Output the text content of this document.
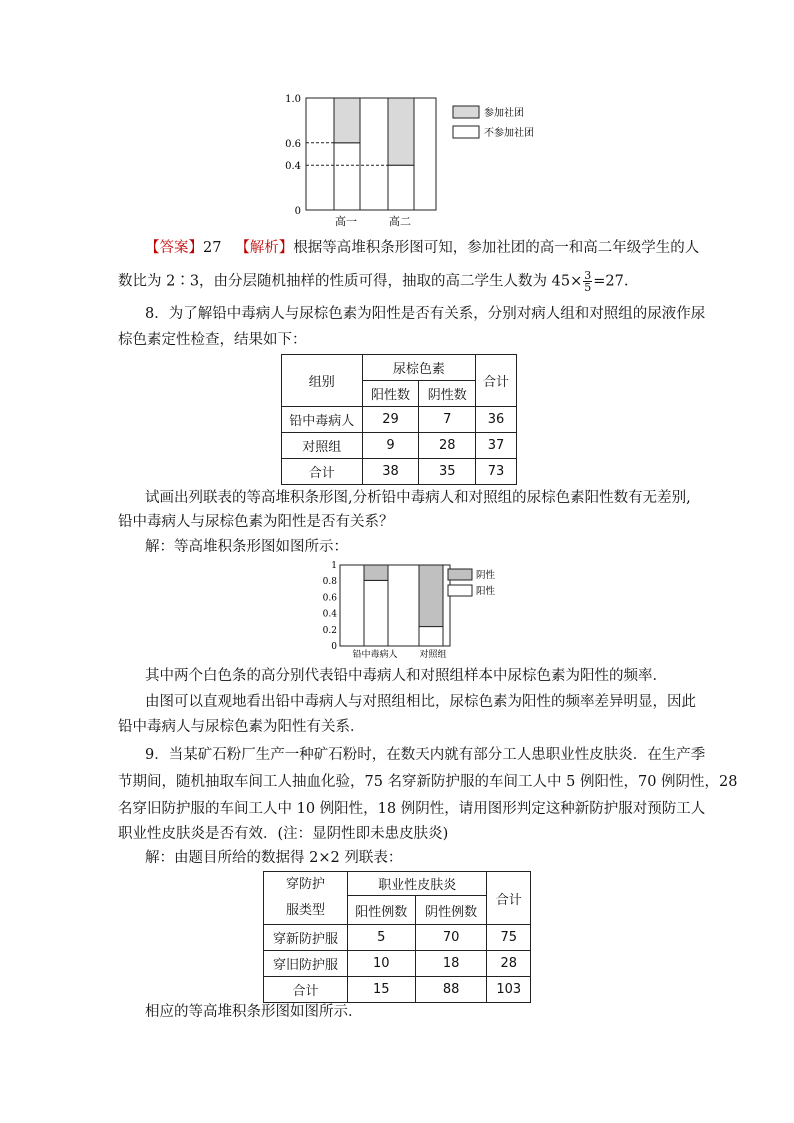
0
0.4
0.6
1.0
高一	高二
参加社团
不参加社团
【答案】27 【解析】根据等高堆积条形图可知，参加社团的高一和高二年级学生的人
数比为 2∶3，由分层随机抽样的性质可得，抽取的高二学生人数为 $45\times \frac{3}{5} =27$.
8．为了解铅中毒病人与尿棕色素为阳性是否有关系，分别对病人组和对照组的尿液作尿
棕色素定性检查，结果如下：
组别	尿棕色素		合计
	阳性数	阴性数	
铅中毒病人	29	7	36
对照组	9	28	37
合计	38	35	73
试画出列联表的等高堆积条形图,分析铅中毒病人和对照组的尿棕色素阳性数有无差别,
铅中毒病人与尿棕色素为阳性是否有关系？
解：等高堆积条形图如图所示：
0
0.2
0.4
0.6
0.8
1
铅中毒病人 对照组
阴性
阳性
其中两个白色条的高分别代表铅中毒病人和对照组样本中尿棕色素为阳性的频率．
由图可以直观地看出铅中毒病人与对照组相比，尿棕色素为阳性的频率差异明显，因此
铅中毒病人与尿棕色素为阳性有关系．
9．当某矿石粉厂生产一种矿石粉时，在数天内就有部分工人患职业性皮肤炎．在生产季
节期间，随机抽取车间工人抽血化验，75 名穿新防护服的车间工人中 5 例阳性，70 例阴性，28
名穿旧防护服的车间工人中 10 例阳性，18 例阴性，请用图形判定这种新防护服对预防工人
职业性皮肤炎是否有效．(注：显阴性即未患皮肤炎)
解：由题目所给的数据得 2×2 列联表：
穿防护
服类型	职业性皮肤炎		合计
	阳性例数	阴性例数	
穿新防护服	5	70	75
穿旧防护服	10	18	28
合计	15	88	103
相应的等高堆积条形图如图所示．
